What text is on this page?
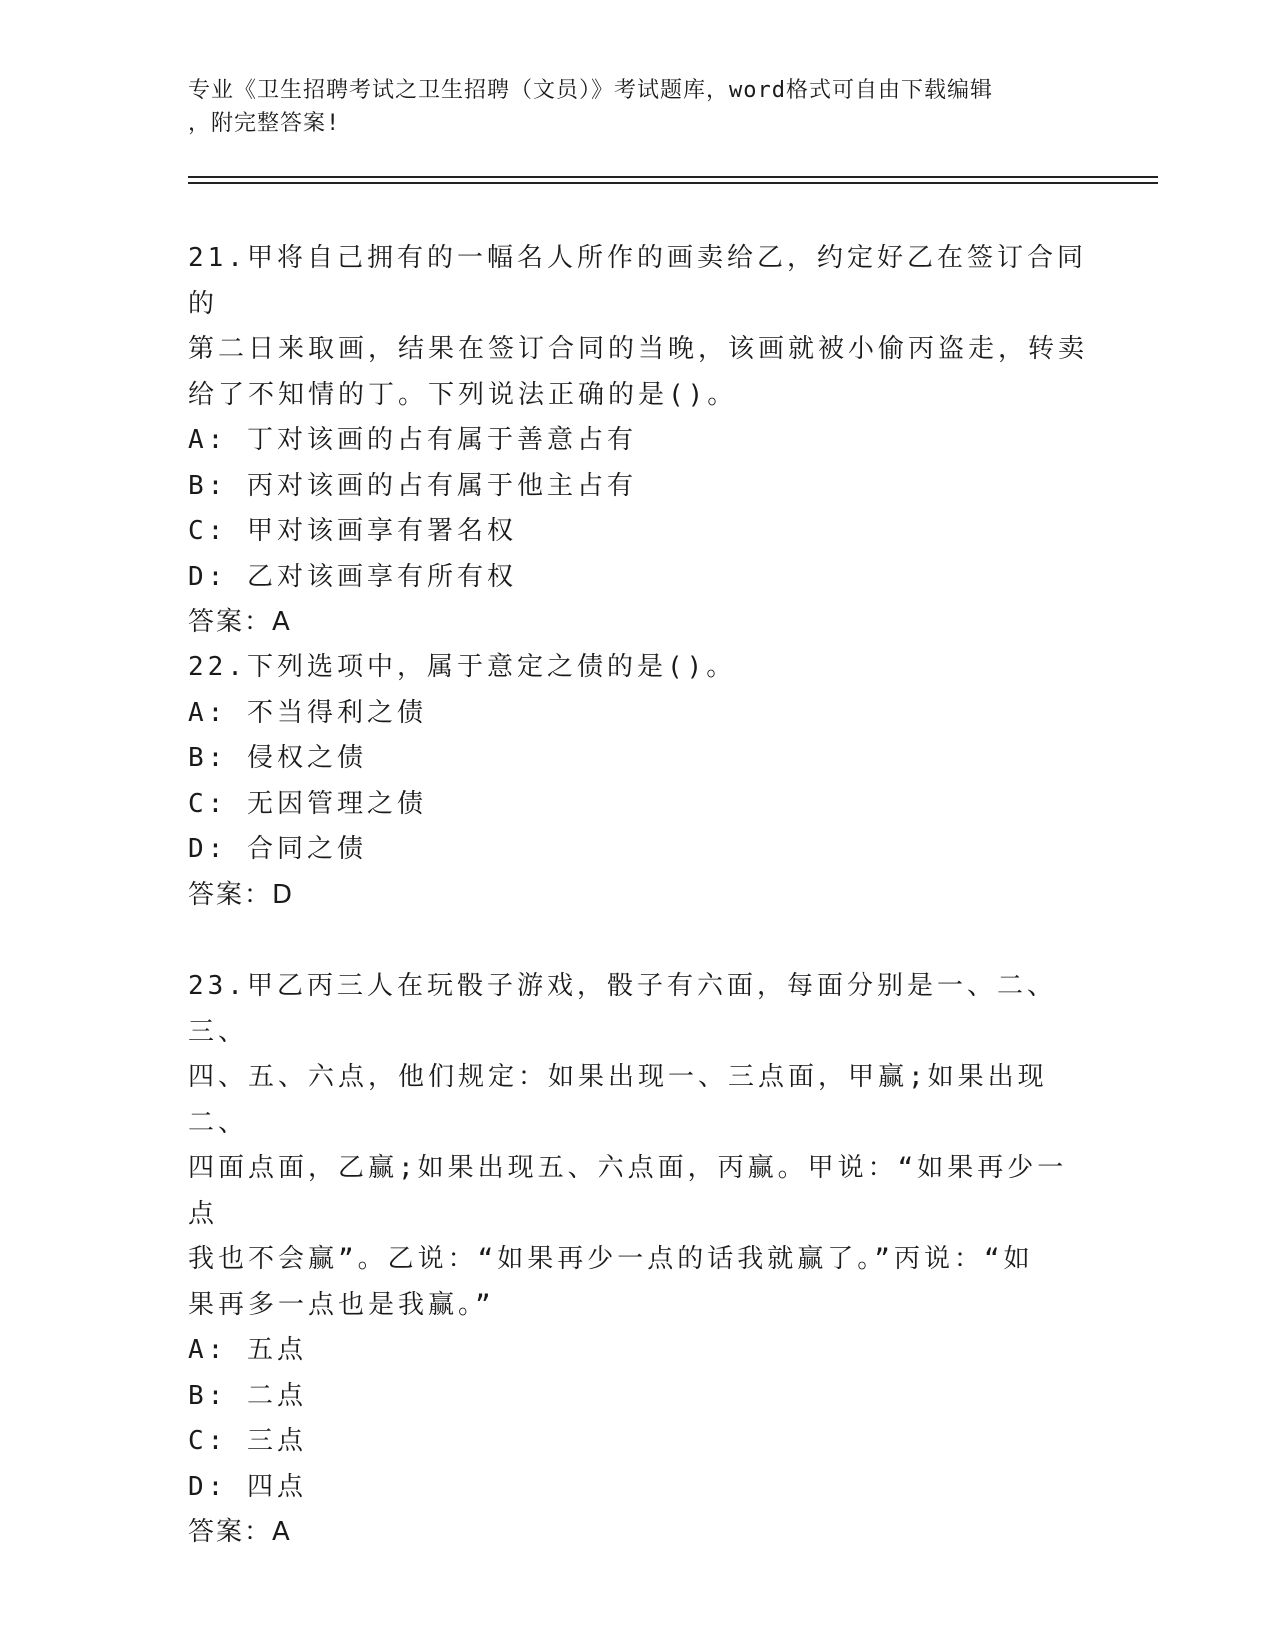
专业《卫生招聘考试之卫生招聘（文员）》考试题库，word格式可自由下载编辑
，附完整答案!

21.甲将自己拥有的一幅名人所作的画卖给乙，约定好乙在签订合同的

第二日来取画，结果在签订合同的当晚，该画就被小偷丙盗走，转卖

给了不知情的丁。下列说法正确的是()。

A: 丁对该画的占有属于善意占有

B: 丙对该画的占有属于他主占有

C: 甲对该画享有署名权

D: 乙对该画享有所有权

答案：A

22.下列选项中，属于意定之债的是()。

A: 不当得利之债

B: 侵权之债

C: 无因管理之债

D: 合同之债

答案：D

23.甲乙丙三人在玩骰子游戏，骰子有六面，每面分别是一、二、三、

四、五、六点，他们规定：如果出现一、三点面，甲赢;如果出现二、

四面点面，乙赢;如果出现五、六点面，丙赢。甲说：“如果再少一点

我也不会赢”。乙说：“如果再少一点的话我就赢了。”丙说：“如

果再多一点也是我赢。”

A: 五点

B: 二点

C: 三点

D: 四点

答案：A
